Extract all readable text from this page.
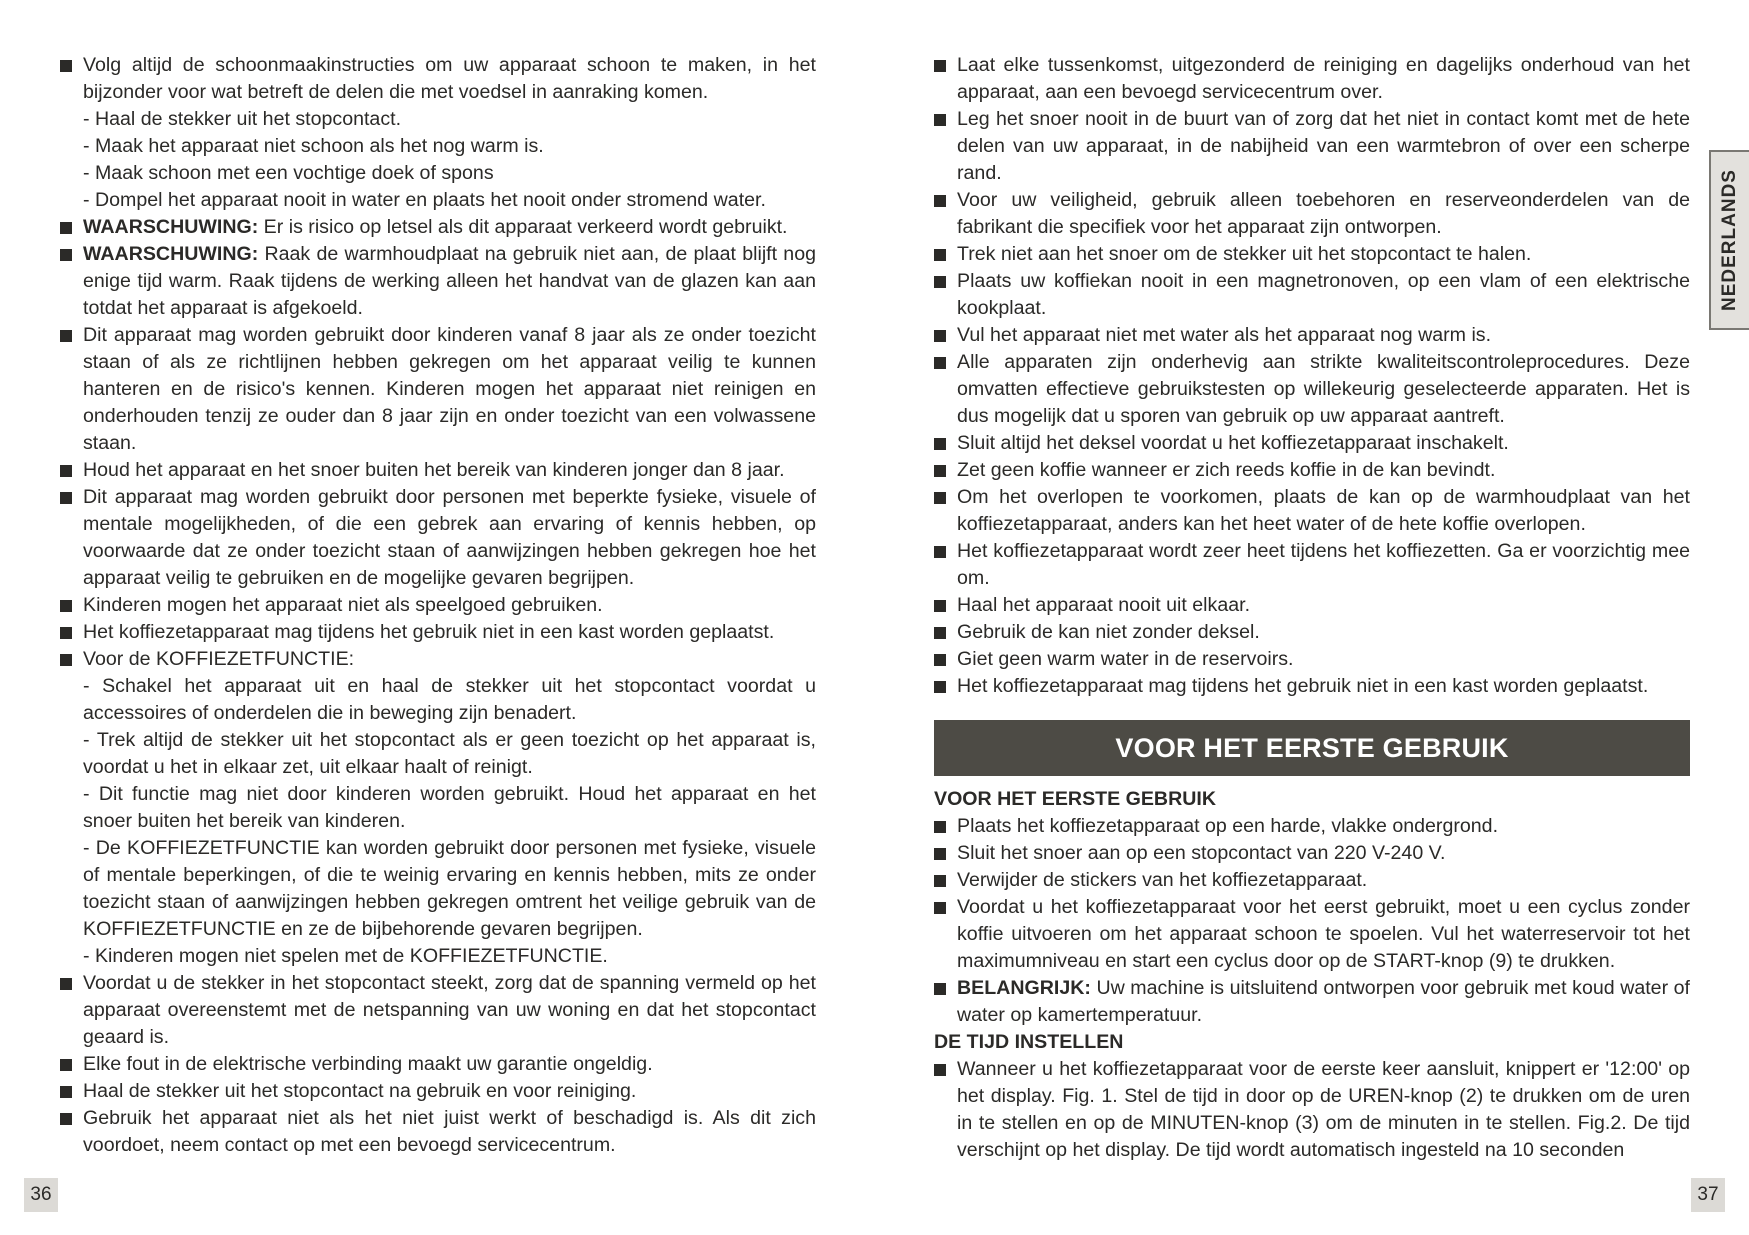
Volg altijd de schoonmaakinstructies om uw apparaat schoon te maken, in het bijzonder voor wat betreft de delen die met voedsel in aanraking komen.
- Haal de stekker uit het stopcontact.
- Maak het apparaat niet schoon als het nog warm is.
- Maak schoon met een vochtige doek of spons
- Dompel het apparaat nooit in water en plaats het nooit onder stromend water.
WAARSCHUWING: Er is risico op letsel als dit apparaat verkeerd wordt gebruikt.
WAARSCHUWING: Raak de warmhoudplaat na gebruik niet aan, de plaat blijft nog enige tijd warm. Raak tijdens de werking alleen het handvat van de glazen kan aan totdat het apparaat is afgekoeld.
Dit apparaat mag worden gebruikt door kinderen vanaf 8 jaar als ze onder toezicht staan of als ze richtlijnen hebben gekregen om het apparaat veilig te kunnen hanteren en de risico's kennen. Kinderen mogen het apparaat niet reinigen en onderhouden tenzij ze ouder dan 8 jaar zijn en onder toezicht van een volwassene staan.
Houd het apparaat en het snoer buiten het bereik van kinderen jonger dan 8 jaar.
Dit apparaat mag worden gebruikt door personen met beperkte fysieke, visuele of mentale mogelijkheden, of die een gebrek aan ervaring of kennis hebben, op voorwaarde dat ze onder toezicht staan of aanwijzingen hebben gekregen hoe het apparaat veilig te gebruiken en de mogelijke gevaren begrijpen.
Kinderen mogen het apparaat niet als speelgoed gebruiken.
Het koffiezetapparaat mag tijdens het gebruik niet in een kast worden geplaatst.
Voor de KOFFIEZETFUNCTIE:
- Schakel het apparaat uit en haal de stekker uit het stopcontact voordat u accessoires of onderdelen die in beweging zijn benadert.
- Trek altijd de stekker uit het stopcontact als er geen toezicht op het apparaat is, voordat u het in elkaar zet, uit elkaar haalt of reinigt.
- Dit functie mag niet door kinderen worden gebruikt. Houd het apparaat en het snoer buiten het bereik van kinderen.
- De KOFFIEZETFUNCTIE kan worden gebruikt door personen met fysieke, visuele of mentale beperkingen, of die te weinig ervaring en kennis hebben, mits ze onder toezicht staan of aanwijzingen hebben gekregen omtrent het veilige gebruik van de KOFFIEZETFUNCTIE en ze de bijbehorende gevaren begrijpen.
- Kinderen mogen niet spelen met de KOFFIEZETFUNCTIE.
Voordat u de stekker in het stopcontact steekt, zorg dat de spanning vermeld op het apparaat overeenstemt met de netspanning van uw woning en dat het stopcontact geaard is.
Elke fout in de elektrische verbinding maakt uw garantie ongeldig.
Haal de stekker uit het stopcontact na gebruik en voor reiniging.
Gebruik het apparaat niet als het niet juist werkt of beschadigd is. Als dit zich voordoet, neem contact op met een bevoegd servicecentrum.
Laat elke tussenkomst, uitgezonderd de reiniging en dagelijks onderhoud van het apparaat, aan een bevoegd servicecentrum over.
Leg het snoer nooit in de buurt van of zorg dat het niet in contact komt met de hete delen van uw apparaat, in de nabijheid van een warmtebron of over een scherpe rand.
Voor uw veiligheid, gebruik alleen toebehoren en reserveonderdelen van de fabrikant die specifiek voor het apparaat zijn ontworpen.
Trek niet aan het snoer om de stekker uit het stopcontact te halen.
Plaats uw koffiekan nooit in een magnetronoven, op een vlam of een elektrische kookplaat.
Vul het apparaat niet met water als het apparaat nog warm is.
Alle apparaten zijn onderhevig aan strikte kwaliteitscontroleprocedures. Deze omvatten effectieve gebruikstesten op willekeurig geselecteerde apparaten. Het is dus mogelijk dat u sporen van gebruik op uw apparaat aantreft.
Sluit altijd het deksel voordat u het koffiezetapparaat inschakelt.
Zet geen koffie wanneer er zich reeds koffie in de kan bevindt.
Om het overlopen te voorkomen, plaats de kan op de warmhoudplaat van het koffiezetapparaat, anders kan het heet water of de hete koffie overlopen.
Het koffiezetapparaat wordt zeer heet tijdens het koffiezetten. Ga er voorzichtig mee om.
Haal het apparaat nooit uit elkaar.
Gebruik de kan niet zonder deksel.
Giet geen warm water in de reservoirs.
Het koffiezetapparaat mag tijdens het gebruik niet in een kast worden geplaatst.
VOOR HET EERSTE GEBRUIK
VOOR HET EERSTE GEBRUIK
Plaats het koffiezetapparaat op een harde, vlakke ondergrond.
Sluit het snoer aan op een stopcontact van 220 V-240 V.
Verwijder de stickers van het koffiezetapparaat.
Voordat u het koffiezetapparaat voor het eerst gebruikt, moet u een cyclus zonder koffie uitvoeren om het apparaat schoon te spoelen. Vul het waterreservoir tot het maximumniveau en start een cyclus door op de START-knop (9) te drukken.
BELANGRIJK: Uw machine is uitsluitend ontworpen voor gebruik met koud water of water op kamertemperatuur.
DE TIJD INSTELLEN
Wanneer u het koffiezetapparaat voor de eerste keer aansluit, knippert er '12:00' op het display. Fig. 1. Stel de tijd in door op de UREN-knop (2) te drukken om de uren in te stellen en op de MINUTEN-knop (3) om de minuten in te stellen. Fig.2. De tijd verschijnt op het display. De tijd wordt automatisch ingesteld na 10 seconden
NEDERLANDS
36	37
